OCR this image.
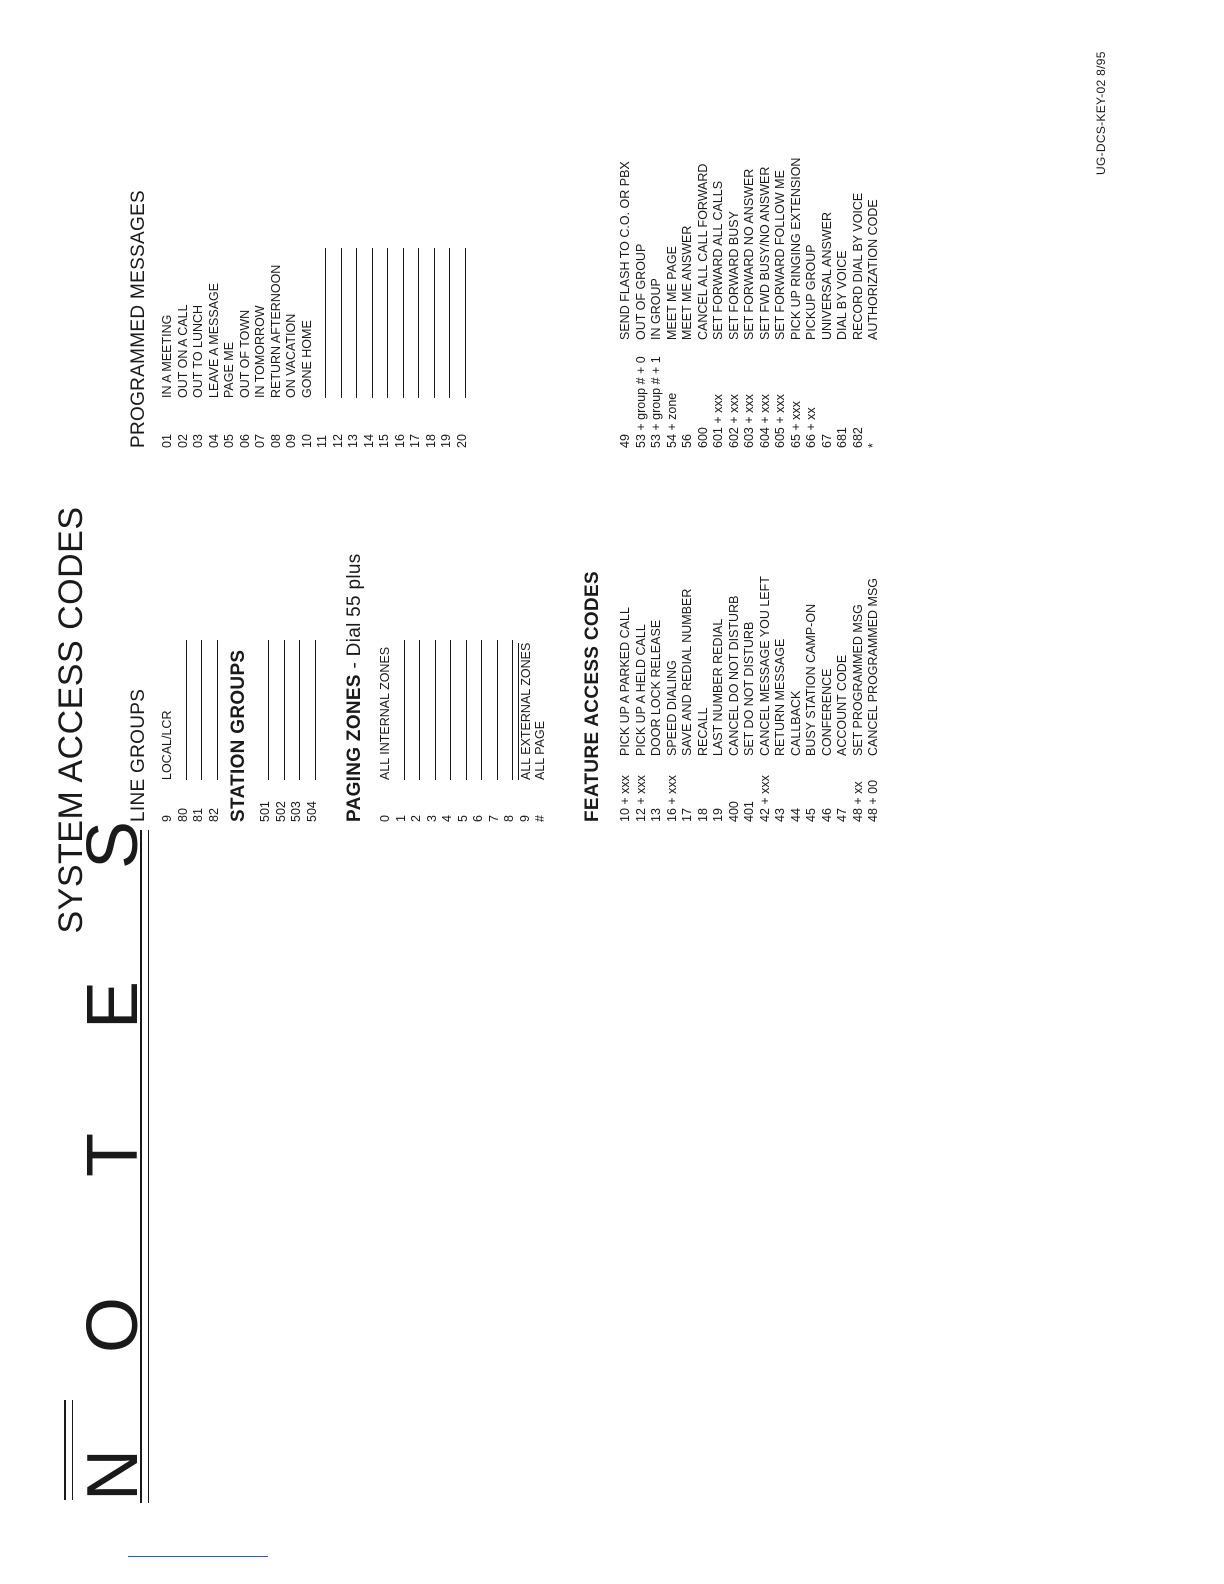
N
O
T
E
S
SYSTEM ACCESS CODES LINE GROUPS 9
LOCAL/LCR
80 81 82 STATION GROUPS 501 502 503 504 PAGING ZONES - Dial 55 plus
0
ALL INTERNAL ZONES
1 2 3 4 5 6 7 8 9
ALL EXTERNAL ZONES
#
ALL PAGE FEATURE ACCESS CODES 10 + xxx
PICK UP A PARKED CALL
12 + xxx
PICK UP A HELD CALL
13
DOOR LOCK RELEASE
16 + xxx
SPEED DIALING
17
SAVE AND REDIAL NUMBER
18
RECALL
19
LAST NUMBER REDIAL
400
CANCEL DO NOT DISTURB
401
SET DO NOT DISTURB
42 + xxx
CANCEL MESSAGE YOU LEFT
43
RETURN MESSAGE
44
CALLBACK
45
BUSY STATION CAMP-ON
46
CONFERENCE
47
ACCOUNT CODE
48 + xx
SET PROGRAMMED MSG
48 + 00
CANCEL PROGRAMMED MSG
49
SEND FLASH TO C.O. OR PBX
53 + group # + 0
OUT OF GROUP
53 + group # + 1
IN GROUP
54 + zone
MEET ME PAGE
56
MEET ME ANSWER
600
CANCEL ALL CALL FORWARD
601 + xxx
SET FORWARD ALL CALLS
602 + xxx
SET FORWARD BUSY
603 + xxx
SET FORWARD NO ANSWER
604 + xxx
SET FWD BUSY/NO ANSWER
605 + xxx
SET FORWARD FOLLOW ME
65 + xxx
PICK UP RINGING EXTENSION
66 + xx
PICKUP GROUP
67
UNIVERSAL ANSWER
681
DIAL BY VOICE
682
RECORD DIAL BY VOICE
*
AUTHORIZATION CODE
PROGRAMMED MESSAGES 01
IN A MEETING
02
OUT ON A CALL
03
OUT TO LUNCH
04
LEAVE A MESSAGE
05
PAGE ME
06
OUT OF TOWN
07
IN TOMORROW
08
RETURN AFTERNOON
09
ON VACATION
10
GONE HOME
11 12 13 14 15 16 17 18 19 20
UG-DCS-KEY-02 8/95
